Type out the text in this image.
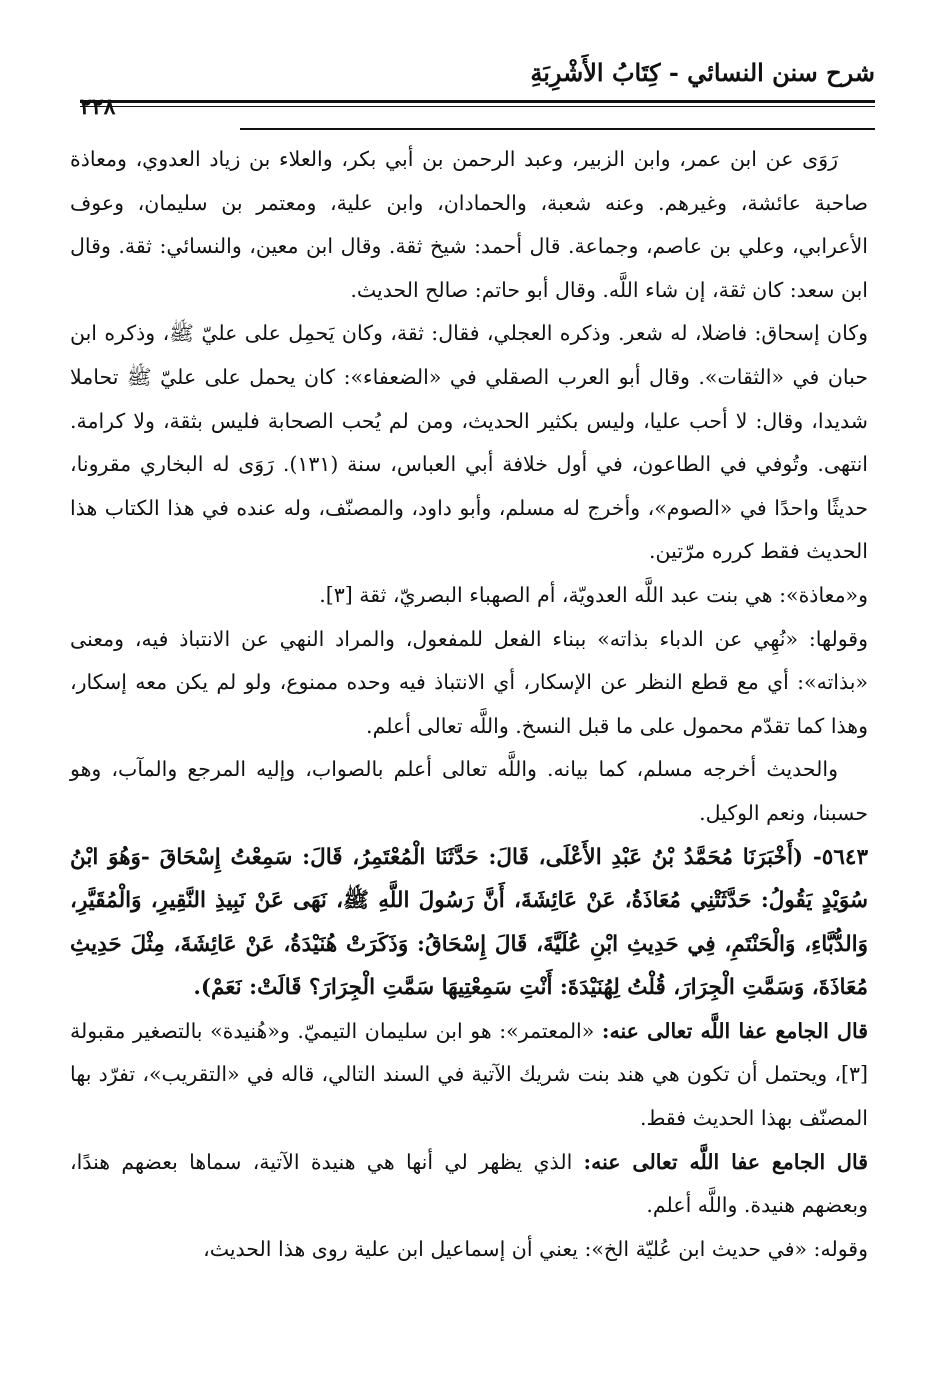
شرح سنن النسائي - كِتَابُ الأَشْرِبَةِ
٢٢٨

رَوَى عن ابن عمر، وابن الزبير، وعبد الرحمن بن أبي بكر، والعلاء بن زياد العدوي، ومعاذة صاحبة عائشة، وغيرهم. وعنه شعبة، والحمادان، وابن علية، ومعتمر بن سليمان، وعوف الأعرابي، وعلي بن عاصم، وجماعة. قال أحمد: شيخ ثقة. وقال ابن معين، والنسائي: ثقة. وقال ابن سعد: كان ثقة، إن شاء اللَّه. وقال أبو حاتم: صالح الحديث.

وكان إسحاق: فاضلا، له شعر. وذكره العجلي، فقال: ثقة، وكان يَحمِل على عليّ ﷺ، وذكره ابن حبان في «الثقات». وقال أبو العرب الصقلي في «الضعفاء»: كان يحمل على عليّ ﷺ تحاملا شديدا، وقال: لا أحب عليا، وليس بكثير الحديث، ومن لم يُحب الصحابة فليس بثقة، ولا كرامة. انتهى. وتُوفي في الطاعون، في أول خلافة أبي العباس، سنة (١٣١). رَوَى له البخاري مقرونا، حديثًا واحدًا في «الصوم»، وأخرج له مسلم، وأبو داود، والمصنّف، وله عنده في هذا الكتاب هذا الحديث فقط كرره مرّتين.

و«معاذة»: هي بنت عبد اللَّه العدويّة، أم الصهباء البصريّ، ثقة [٣].

وقولها: «نُهِي عن الدباء بذاته» ببناء الفعل للمفعول، والمراد النهي عن الانتباذ فيه، ومعنى «بذاته»: أي مع قطع النظر عن الإسكار، أي الانتباذ فيه وحده ممنوع، ولو لم يكن معه إسكار، وهذا كما تقدّم محمول على ما قبل النسخ. واللَّه تعالى أعلم.

والحديث أخرجه مسلم، كما بيانه. واللَّه تعالى أعلم بالصواب، وإليه المرجع والمآب، وهو حسبنا، ونعم الوكيل.

٥٦٤٣- (أَخْبَرَنَا مُحَمَّدُ بْنُ عَبْدِ الأَعْلَى، قَالَ: حَدَّثَنَا الْمُعْتَمِرُ، قَالَ: سَمِعْتُ إِسْحَاقَ -وَهُوَ ابْنُ سُوَيْدٍ يَقُولُ: حَدَّثَتْنِي مُعَاذَةُ، عَنْ عَائِشَةَ، أَنَّ رَسُولَ اللَّهِ ﷺ، نَهَى عَنْ نَبِيذِ النَّقِيرِ، وَالْمُقَيَّرِ، وَالدُّبَّاءِ، وَالْحَنْتَمِ، فِي حَدِيثِ ابْنِ عُلَيَّةَ، قَالَ إِسْحَاقُ: وَذَكَرَتْ هُنَيْدَةُ، عَنْ عَائِشَةَ، مِثْلَ حَدِيثِ مُعَاذَةَ، وَسَمَّتِ الْجِرَارَ، قُلْتُ لِهُنَيْدَةَ: أَنْتِ سَمِعْتِيهَا سَمَّتِ الْجِرَارَ؟ قَالَتْ: نَعَمْ).

قال الجامع عفا اللَّه تعالى عنه: «المعتمر»: هو ابن سليمان التيميّ. و«هُنيدة» بالتصغير مقبولة [٣]، ويحتمل أن تكون هي هند بنت شريك الآتية في السند التالي، قاله في «التقريب»، تفرّد بها المصنّف بهذا الحديث فقط.

قال الجامع عفا اللَّه تعالى عنه: الذي يظهر لي أنها هي هنيدة الآتية، سماها بعضهم هندًا، وبعضهم هنيدة. واللَّه أعلم.

وقوله: «في حديث ابن عُليّة الخ»: يعني أن إسماعيل ابن علية روى هذا الحديث،
